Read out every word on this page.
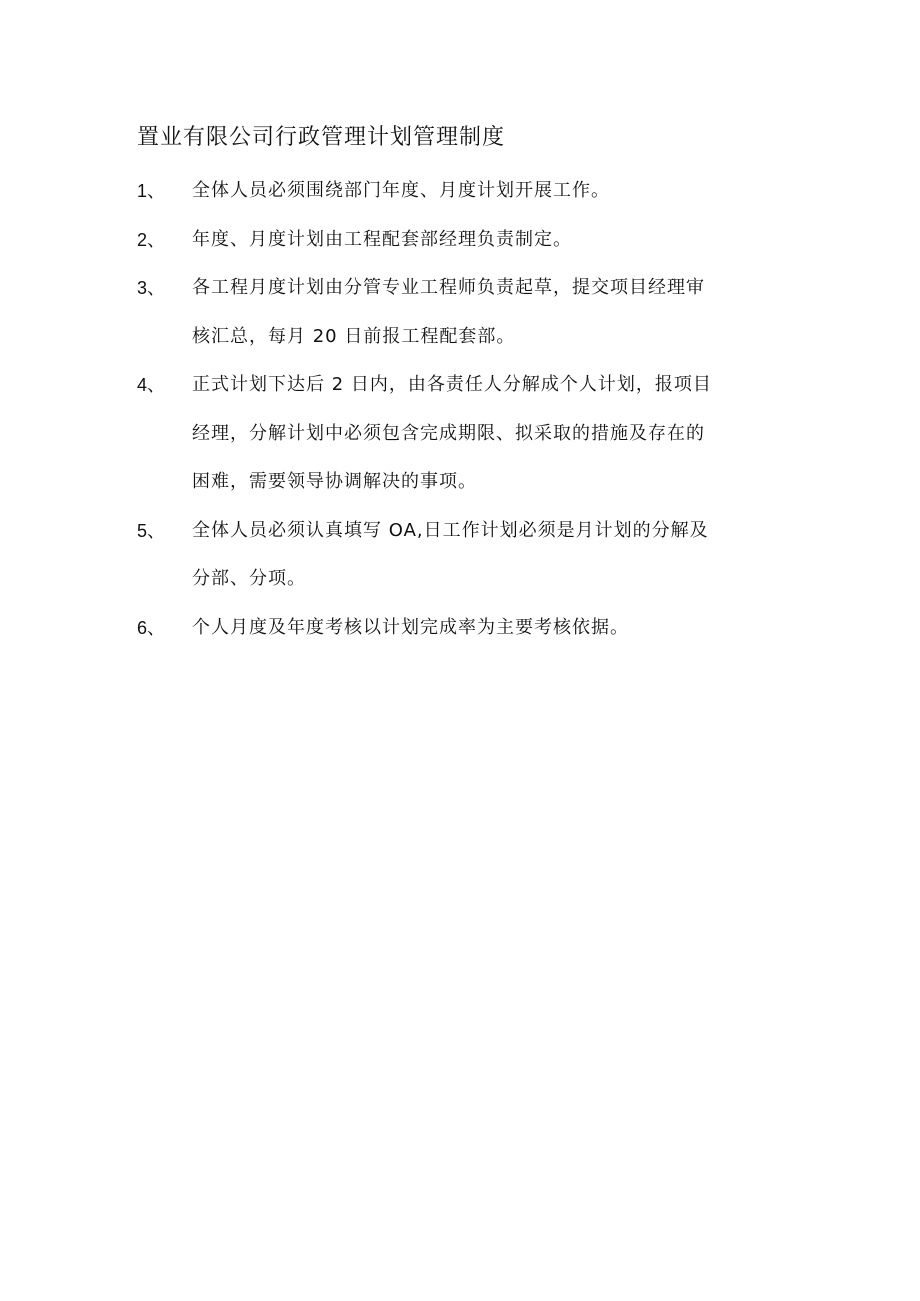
置业有限公司行政管理计划管理制度
1、 全体人员必须围绕部门年度、月度计划开展工作。
2、 年度、月度计划由工程配套部经理负责制定。
3、 各工程月度计划由分管专业工程师负责起草，提交项目经理审
核汇总，每月 20 日前报工程配套部。
4、 正式计划下达后 2 日内，由各责任人分解成个人计划，报项目
经理，分解计划中必须包含完成期限、拟采取的措施及存在的
困难，需要领导协调解决的事项。
5、 全体人员必须认真填写 OA,日工作计划必须是月计划的分解及
分部、分项。
6、 个人月度及年度考核以计划完成率为主要考核依据。
